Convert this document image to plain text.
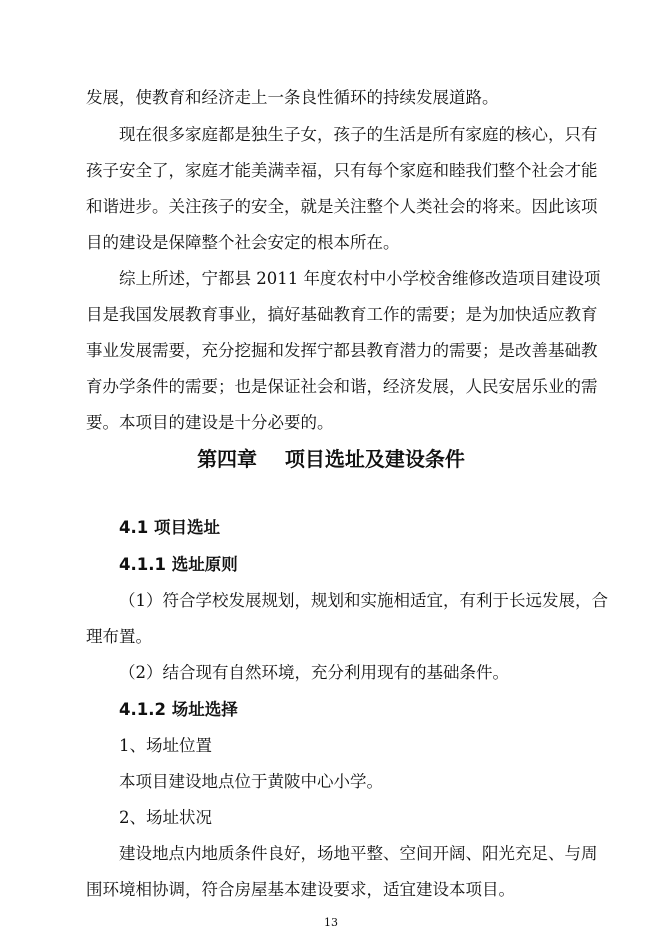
发展，使教育和经济走上一条良性循环的持续发展道路。
现在很多家庭都是独生子女，孩子的生活是所有家庭的核心，只有
孩子安全了，家庭才能美满幸福，只有每个家庭和睦我们整个社会才能
和谐进步。关注孩子的安全，就是关注整个人类社会的将来。因此该项
目的建设是保障整个社会安定的根本所在。
综上所述，宁都县 2011 年度农村中小学校舍维修改造项目建设项
目是我国发展教育事业，搞好基础教育工作的需要；是为加快适应教育
事业发展需要，充分挖掘和发挥宁都县教育潜力的需要；是改善基础教
育办学条件的需要；也是保证社会和谐，经济发展，人民安居乐业的需
要。本项目的建设是十分必要的。
第四章    项目选址及建设条件
4.1 项目选址
4.1.1 选址原则
（1）符合学校发展规划，规划和实施相适宜，有利于长远发展，合
理布置。
（2）结合现有自然环境，充分利用现有的基础条件。
4.1.2 场址选择
1、场址位置
本项目建设地点位于黄陂中心小学。
2、场址状况
建设地点内地质条件良好，场地平整、空间开阔、阳光充足、与周
围环境相协调，符合房屋基本建设要求，适宜建设本项目。
13
